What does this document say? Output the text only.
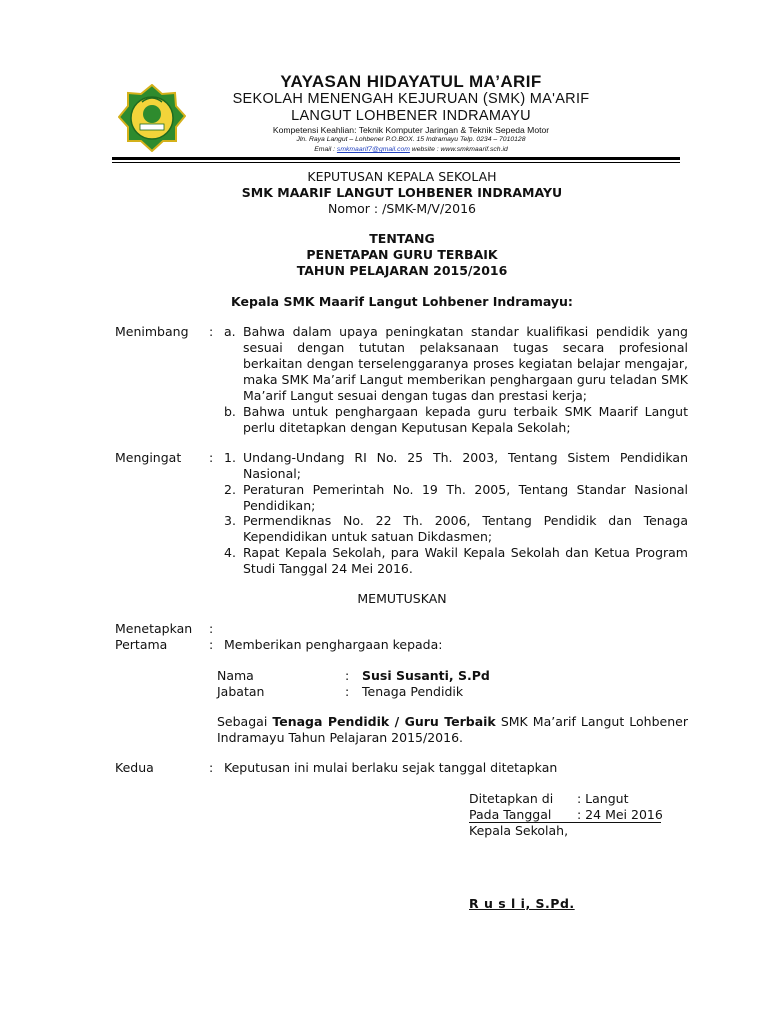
YAYASAN HIDAYATUL MA’ARIF
SEKOLAH MENENGAH KEJURUAN (SMK) MA'ARIF
LANGUT LOHBENER INDRAMAYU
Kompetensi Keahlian: Teknik Komputer Jaringan & Teknik Sepeda Motor
Jln. Raya Langut – Lohbener P.O.BOX. 15 Indramayu Telp. 0234 – 7010128
Email : smkmaarif7@gmail.com website : www.smkmaarif.sch.id
KEPUTUSAN KEPALA SEKOLAH
SMK MAARIF LANGUT LOHBENER INDRAMAYU
Nomor : /SMK-M/V/2016
TENTANG
PENETAPAN GURU TERBAIK
TAHUN PELAJARAN 2015/2016
Kepala SMK Maarif Langut Lohbener Indramayu:
Menimbang : a. Bahwa dalam upaya peningkatan standar kualifikasi pendidik yang
sesuai dengan tututan pelaksanaan tugas secara profesional
berkaitan dengan terselenggaranya proses kegiatan belajar mengajar,
maka SMK Ma’arif Langut memberikan penghargaan guru teladan SMK
Ma’arif Langut sesuai dengan tugas dan prestasi kerja;
b. Bahwa untuk penghargaan kepada guru terbaik SMK Maarif Langut
perlu ditetapkan dengan Keputusan Kepala Sekolah;
Mengingat : 1. Undang-Undang RI No. 25 Th. 2003, Tentang Sistem Pendidikan
Nasional;
2. Peraturan Pemerintah No. 19 Th. 2005, Tentang Standar Nasional
Pendidikan;
3. Permendiknas No. 22 Th. 2006, Tentang Pendidik dan Tenaga
Kependidikan untuk satuan Dikdasmen;
4. Rapat Kepala Sekolah, para Wakil Kepala Sekolah dan Ketua Program
Studi Tanggal 24 Mei 2016.
MEMUTUSKAN
Menetapkan :
Pertama	: Memberikan penghargaan kepada:
Nama	: Susi Susanti, S.Pd
Jabatan	: Tenaga Pendidik
Sebagai Tenaga Pendidik / Guru Terbaik SMK Ma’arif Langut Lohbener
Indramayu Tahun Pelajaran 2015/2016.
Kedua	: Keputusan ini mulai berlaku sejak tanggal ditetapkan
Ditetapkan di : Langut
Pada Tanggal : 24 Mei 2016
Kepala Sekolah,
R u s l i, S.Pd.
